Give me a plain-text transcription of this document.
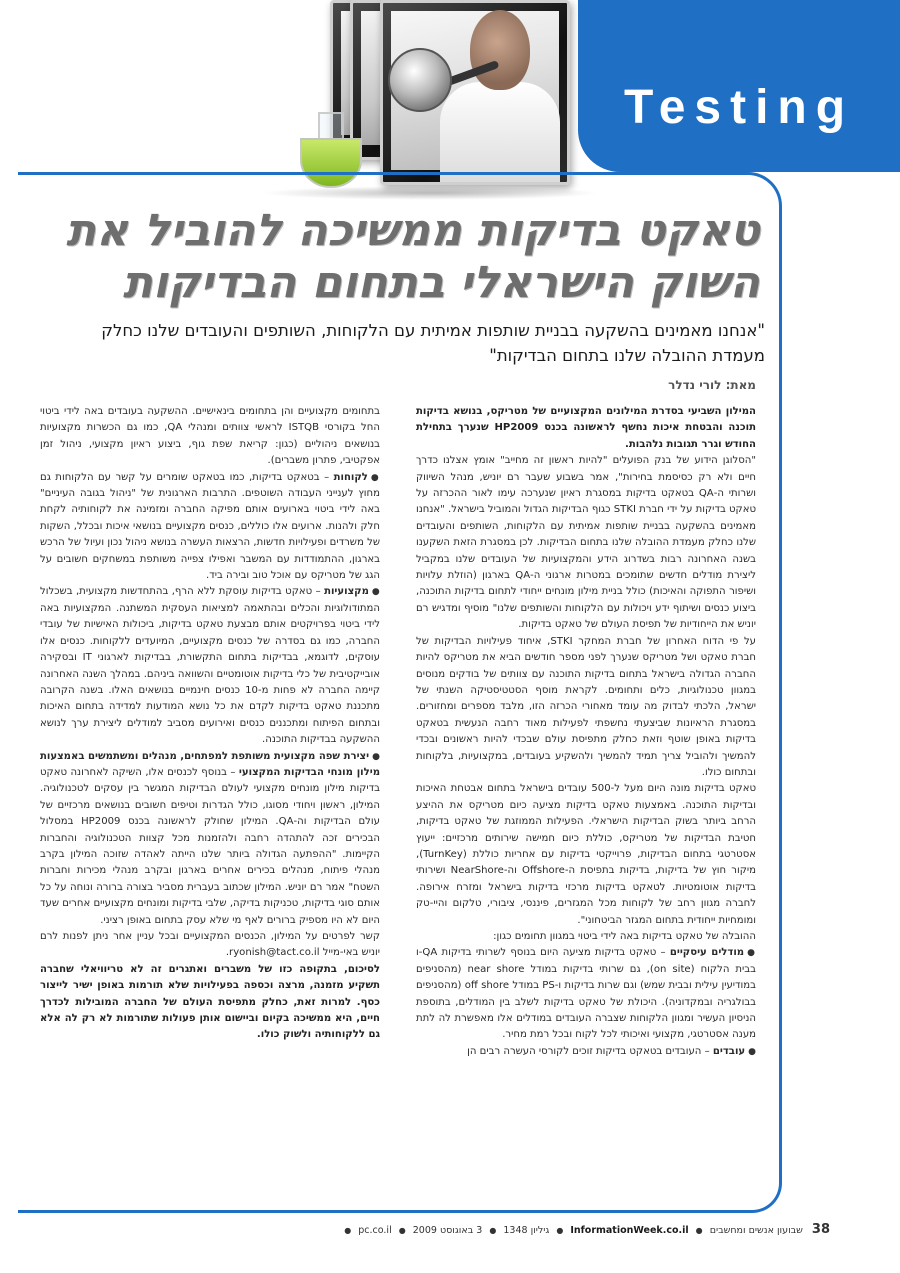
Testing
טאקט בדיקות ממשיכה להוביל את השוק הישראלי בתחום הבדיקות
"אנחנו מאמינים בהשקעה בבניית שותפות אמיתית עם הלקוחות, השותפים והעובדים שלנו כחלק מעמדת ההובלה שלנו בתחום הבדיקות"
מאת: לורי נדלר

המילון השביעי בסדרת המילונים המקצועיים של מטריקס, בנושא בדיקות תוכנה והבטחת איכות נחשף לראשונה בכנס HP2009 שנערך בתחילת החודש וגרר תגובות נלהבות.

"הסלוגן הידוע של בנק הפועלים "להיות ראשון זה מחייב" אומץ אצלנו כדרך חיים ולא רק כסיסמת בחירות", אמר בשבוע שעבר רם יוניש, מנהל השיווק ושרותי ה-QA בטאקט בדיקות במסגרת ראיון שנערכה עימו לאור ההכרזה על טאקט בדיקות על ידי חברת STKI כגוף הבדיקות הגדול והמוביל בישראל. "אנחנו מאמינים בהשקעה בבניית שותפות אמיתית עם הלקוחות, השותפים והעובדים שלנו כחלק מעמדת ההובלה שלנו בתחום הבדיקות. לכן במסגרת הזאת השקענו בשנה האחרונה רבות בשדרוג הידע והמקצועיות של העובדים שלנו במקביל ליצירת מודלים חדשים שתומכים במטרות ארגוני ה-QA בארגון (הוזלת עלויות ושיפור התפוקה והאיכות) כולל בניית מילון מונחים ייחודי לתחום בדיקות התוכנה, ביצוע כנסים ושיתוף ידע ויכולות עם הלקוחות והשותפים שלנו" מוסיף ומדגיש רם יוניש את הייחודיות של תפיסת העולם של טאקט בדיקות.

על פי הדוח האחרון של חברת המחקר STKI, איחוד פעילויות הבדיקות של חברת טאקט ושל מטריקס שנערך לפני מספר חודשים הביא את מטריקס להיות החברה הגדולה בישראל בתחום בדיקות התוכנה עם צוותים של בודקים מנוסים במגוון טכנולוגיות, כלים ותחומים. לקראת מוסף הסטטיסטיקה השנתי של ישראל, הלכתי לבדוק מה עומד מאחורי הכרזה הזו, מלבד מספרים ומחזורים. במסגרת הראיונות שביצעתי נחשפתי לפעילות מאוד רחבה הנעשית בטאקט בדיקות באופן שוטף וזאת כחלק מתפיסת עולם שבכדי להיות ראשונים ובכדי להמשיך ולהוביל צריך תמיד להמשיך ולהשקיע בעובדים, במקצועיות, בלקוחות ובתחום כולו.

טאקט בדיקות מונה היום מעל ל-500 עובדים בישראל בתחום אבטחת האיכות ובדיקות התוכנה. באמצעות טאקט בדיקות מציעה כיום מטריקס את ההיצע הרחב ביותר בשוק הבדיקות הישראלי. הפעילות הממוזגת של טאקט בדיקות, חטיבת הבדיקות של מטריקס, כוללת כיום חמישה שירותים מרכזיים: ייעוץ אסטרטגי בתחום הבדיקות, פרוייקטי בדיקות עם אחריות כוללת (TurnKey), מיקור חוץ של בדיקות, בדיקות בתפיסת ה-Offshore וה-NearShore ושירותי בדיקות אוטומטיות. לטאקט בדיקות מרכזי בדיקות בישראל ומזרח אירופה. לחברה מגוון רחב של לקוחות מכל המגזרים, פיננסי, ציבורי, טלקום והיי-טק ומומחיות ייחודית בתחום המגזר הביטחוני".

ההובלה של טאקט בדיקות באה לידי ביטוי במגוון תחומים כגון:

● מודלים עיסקיים – טאקט בדיקות מציעה היום בנוסף לשרותי בדיקות QA-ו בבית הלקוח (on site), גם שרותי בדיקות במודל near shore (מהסניפים במודיעין עילית ובבית שמש) וגם שרות בדיקות ו-PS במודל off shore (מהסניפים בבולגריה ובמקדוניה). היכולת של טאקט בדיקות לשלב בין המודלים, בתוספת הניסיון העשיר ומגוון הלקוחות שצברה העובדים במודלים אלו מאפשרת לה לתת מענה אסטרטגי, מקצועי ואיכותי לכל לקוח ובכל רמת מחיר.

● עובדים – העובדים בטאקט בדיקות זוכים לקורסי העשרה רבים הן

בתחומים מקצועיים והן בתחומים בינאישיים. ההשקעה בעובדים באה לידי ביטוי החל בקורסי ISTQB לראשי צוותים ומנהלי QA, כמו גם הכשרות מקצועיות בנושאים ניהוליים (כגון: קריאת שפת גוף, ביצוע ראיון מקצועי, ניהול זמן אפקטיבי, פתרון משברים).

● לקוחות – בטאקט בדיקות, כמו בטאקט שומרים על קשר עם הלקוחות גם מחוץ לענייני העבודה השוטפים. התרבות הארגונית של "ניהול בגובה העיניים" באה לידי ביטוי בארועים אותם מפיקה החברה ומזמינה את לקוחותיה לקחת חלק ולהנות. ארועים אלו כוללים, כנסים מקצועיים בנושאי איכות ובכלל, השקות של משרדים ופעילויות חדשות, הרצאות העשרה בנושא ניהול נכון ועיול של הרכש בארגון, ההתמודדות עם המשבר ואפילו צפייה משותפת במשחקים חשובים על הגג של מטריקס עם אוכל טוב ובירה ביד.

● מקצועיות – טאקט בדיקות עוסקת ללא הרף, בהתחדשות מקצועית, בשכלול המתודולוגיות והכלים ובהתאמה למציאות העסקית המשתנה. המקצועיות באה לידי ביטוי בפרויקטים אותם מבצעת טאקט בדיקות, ביכולות האישיות של עובדי החברה, כמו גם בסדרה של כנסים מקצועיים, המיועדים ללקוחות. כנסים אלו עוסקים, לדוגמא, בבדיקות בתחום התקשורת, בבדיקות לארגוני IT ובסקירה אובייקטיבית של כלי בדיקות אוטומטיים והשוואה ביניהם. במהלך השנה האחרונה קיימה החברה לא פחות מ-10 כנסים חינמיים בנושאים האלו. בשנה הקרובה מתכננת טאקט בדיקות לקדם את כל נושא המודעות למדידה בתחום האיכות ובתחום הפיתוח ומתכננים כנסים ואירועים מסביב למודלים ליצירת ערך לנושא ההשקעה בבדיקות התוכנה.

● יצירת שפה מקצועית משותפת למפתחים, מנהלים ומשתמשים באמצעות מילון מונחי הבדיקות המקצועי – בנוסף לכנסים אלו, השיקה לאחרונה טאקט בדיקות מילון מונחים מקצועי לעולם הבדיקות המגשר בין עסקים לטכנולוגיה. המילון, ראשון ויחודי מסוגו, כולל הגדרות וטיפים חשובים בנושאים מרכזיים של עולם הבדיקות וה-QA. המילון שחולק לראשונה בכנס HP2009 במסלול הבכירים זכה להתהדה רחבה ולהזמנות מכל קצוות הטכנולוגיה והחברות הקיימות. "ההפתעה הגדולה ביותר שלנו הייתה לאהדה שזוכה המילון בקרב מנהלי פיתוח, מנהלים בכירים אחרים בארגון ובקרב מנהלי מכירות וחברות השטח" אמר רם יוניש. המילון שכתוב בעברית מסביר בצורה ברורה ונוחה על כל אותם סוגי בדיקות, טכניקות בדיקה, שלבי בדיקות ומונחים מקצועיים אחרים שעד היום לא היו מספיק ברורים לאף מי שלא עסק בתחום באופן רציני.

קשר לפרטים על המילון, הכנסים המקצועיים ובכל עניין אחר ניתן לפנות לרם יוניש באי-מייל ryonish@tact.co.il.

לסיכום, בתקופה כזו של משברים ואתגרים זה לא טריוויאלי שחברה תשקיע מזמנה, מרצה וכספה בפעילויות שלא תורמות באופן ישיר לייצור כסף. למרות זאת, כחלק מתפיסת העולם של החברה המובילות לכדרך חיים, היא ממשיכה בקיום וביישום אותן פעולות שתורמות לא רק לה אלא גם ללקוחותיה ולשוק כולו.

38 שבועון אנשים ומחשבים ● InformationWeek.co.il ● גיליון 1348 ● 3 באוגוסט 2009 ● pc.co.il ●
